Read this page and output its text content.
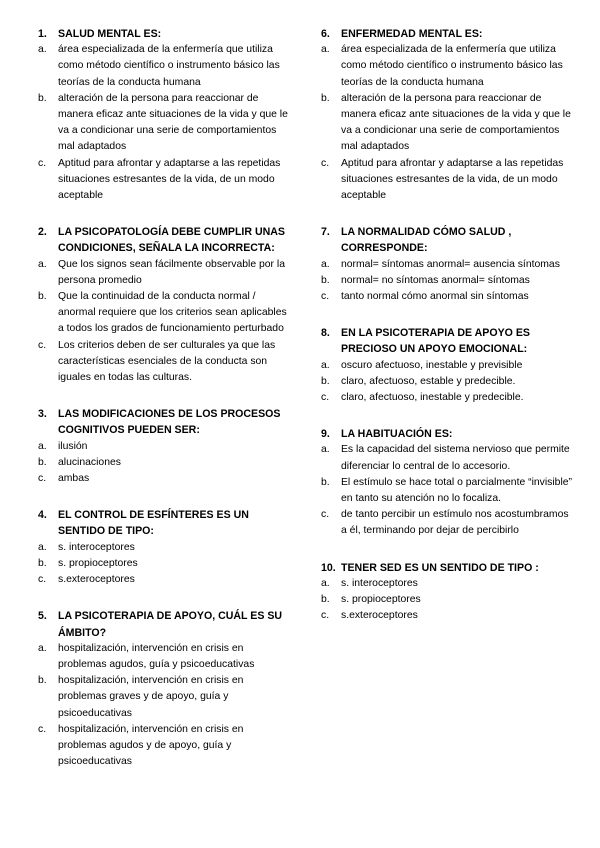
1. SALUD MENTAL ES:
a. área especializada de la enfermería que utiliza como método científico o instrumento básico las teorías de la conducta humana
b. alteración de la persona para reaccionar de manera eficaz ante situaciones de la vida y que le va a condicionar una serie de comportamientos mal adaptados
c. Aptitud para afrontar y adaptarse a las repetidas situaciones estresantes de la vida, de un modo aceptable
2. LA PSICOPATOLOGÍA DEBE CUMPLIR UNAS CONDICIONES, SEÑALA LA INCORRECTA:
a. Que los signos sean fácilmente observable por la persona promedio
b. Que la continuidad de la conducta normal / anormal requiere que los criterios sean aplicables a todos los grados de funcionamiento perturbado
c. Los criterios deben de ser culturales ya que las características esenciales de la conducta son iguales en todas las culturas.
3. LAS MODIFICACIONES DE LOS PROCESOS COGNITIVOS PUEDEN SER:
a. ilusión
b. alucinaciones
c. ambas
4. EL CONTROL DE ESFÍNTERES ES UN SENTIDO DE TIPO:
a. s. interoceptores
b. s. propioceptores
c. s.exteroceptores
5. LA PSICOTERAPIA DE APOYO, CUÁL ES SU ÁMBITO?
a. hospitalización, intervención en crisis en problemas agudos, guía y psicoeducativas
b. hospitalización, intervención en crisis en problemas graves y de apoyo, guía y psicoeducativas
c. hospitalización, intervención en crisis en problemas agudos y de apoyo, guía y psicoeducativas
6. ENFERMEDAD MENTAL ES:
a. área especializada de la enfermería que utiliza como método científico o instrumento básico las teorías de la conducta humana
b. alteración de la persona para reaccionar de manera eficaz ante situaciones de la vida y que le va a condicionar una serie de comportamientos mal adaptados
c. Aptitud para afrontar y adaptarse a las repetidas situaciones estresantes de la vida, de un modo aceptable
7. LA NORMALIDAD CÓMO SALUD , CORRESPONDE:
a. normal= síntomas anormal= ausencia síntomas
b. normal= no síntomas anormal= síntomas
c. tanto normal cómo anormal sin síntomas
8. EN LA PSICOTERAPIA DE APOYO ES PRECIOSO UN APOYO EMOCIONAL:
a. oscuro afectuoso, inestable y previsible
b. claro, afectuoso, estable y predecible.
c. claro, afectuoso, inestable y predecible.
9. LA HABITUACIÓN ES:
a. Es la capacidad del sistema nervioso que permite diferenciar lo central de lo accesorio.
b. El estímulo se hace total o parcialmente “invisible” en tanto su atención no lo focaliza.
c. de tanto percibir un estímulo nos acostumbramos a él, terminando por dejar de percibirlo
10. TENER SED ES UN SENTIDO DE TIPO :
a. s. interoceptores
b. s. propioceptores
c. s.exteroceptores
